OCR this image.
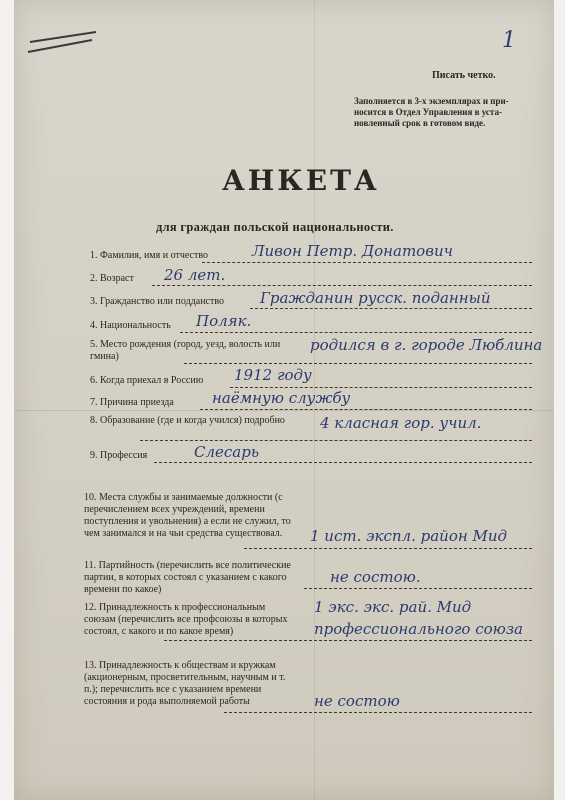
1
Писать четко.
Заполняется в 3-х экземплярах и при-
носится в Отдел Управления в уста-
новленный срок в готовом виде.
АНКЕТА
для граждан польской национальности.
1. Фамилия, имя и отчество	Ливон Петр. Донатович
2. Возраст 26 лет.
3. Гражданство или подданство Гражданин русск. поданный
4. Национальность Поляк.
5. Место рождения (город, уезд, волость или гмина)
родился в г. городе Люблина
6. Когда приехал в Россию 1912 году
7. Причина приезда	наёмную службу
8. Образование (где и когда учился) подробно	4 класная гор. учил.
9. Профессия	Слесарь
10. Места службы и занимаемые должности (с перечислением всех учреждений, времени поступления и увольнения) а если не служил, то чем занимался и на чьи средства существовал.	1 ист. экспл. район Мид
11. Партийность (перечислить все политические партии, в которых состоял с указанием с какого времени по какое)
не состою.
12. Принадлежность к профессиональным союзам (перечислить все профсоюзы в которых состоял, с какого и по какое время)
1 экс. экс. рай. Мид профессионального союза
13. Принадлежность к обществам и кружкам (акционерным, просветительным, научным и т. п.); перечислить все с указанием времени состояния и рода выполняемой работы	не состою
